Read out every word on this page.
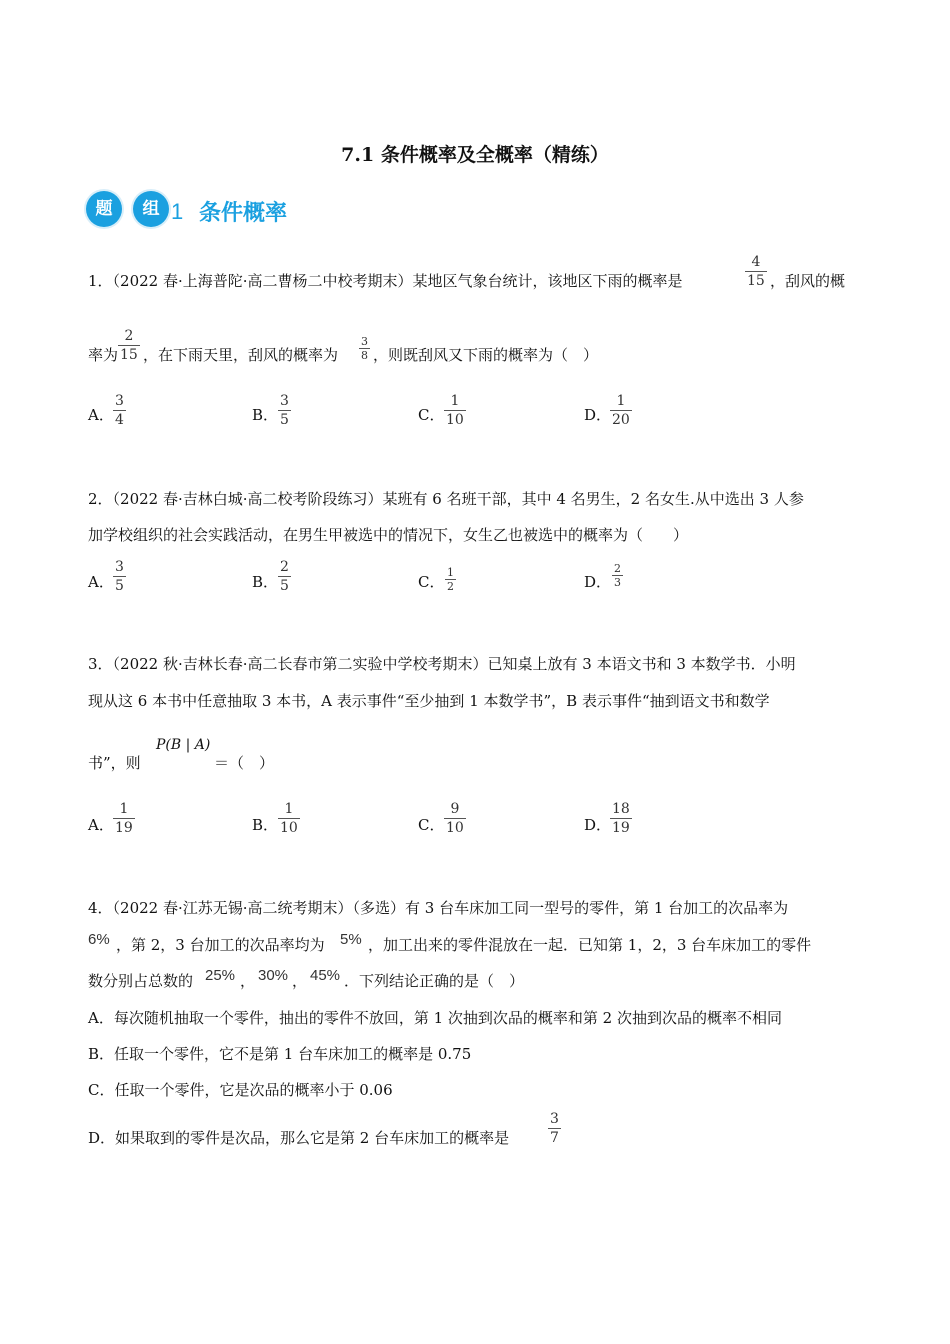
7.1 条件概率及全概率（精练）
题	组 1 条件概率
1．（2022 春·上海普陀·高二曹杨二中校考期末）某地区气象台统计，该地区下雨的概率是	$\frac{4}{15}$ ，刮风的概
率为 $\frac{2}{15}$ ，在下雨天里，刮风的概率为 $\frac{3}{8}$ ，则既刮风又下雨的概率为（　）
A． $\frac{3}{4}$	B． $\frac{3}{5}$	C． $\frac{1}{10}$	D．
$\frac{1}{20}$
2．（2022 春·吉林白城·高二校考阶段练习）某班有 6 名班干部，其中 4 名男生，2 名女生.从中选出 3 人参
加学校组织的社会实践活动，在男生甲被选中的情况下，女生乙也被选中的概率为（　　）
A． $\frac{3}{5}$	B． $\frac{2}{5}$	C． $\frac{1}{2}$	D． $\frac{2}{3}$
3．（2022 秋·吉林长春·高二长春市第二实验中学校考期末）已知桌上放有 3 本语文书和 3 本数学书．小明
现从这 6 本书中任意抽取 3 本书，A 表示事件“至少抽到 1 本数学书”，B 表示事件“抽到语文书和数学
书”，则
P(B | A)
＝（　）
A． $\frac{1}{19}$	B． $\frac{1}{10}$	C． $\frac{9}{10}$	D．
$\frac{18}{19}$
4．（2022 春·江苏无锡·高二统考期末）（多选）有 3 台车床加工同一型号的零件，第 1 台加工的次品率为
6% ，第 2，3 台加工的次品率均为 5% ，加工出来的零件混放在一起．已知第 1，2，3 台车床加工的零件
数分别占总数的 25% ， 30% ， 45% ．下列结论正确的是（　）
A．每次随机抽取一个零件，抽出的零件不放回，第 1 次抽到次品的概率和第 2 次抽到次品的概率不相同
B．任取一个零件，它不是第 1 台车床加工的概率是 0.75
C．任取一个零件，它是次品的概率小于 0.06
D．如果取到的零件是次品，那么它是第 2 台车床加工的概率是	$\frac{3}{7}$
